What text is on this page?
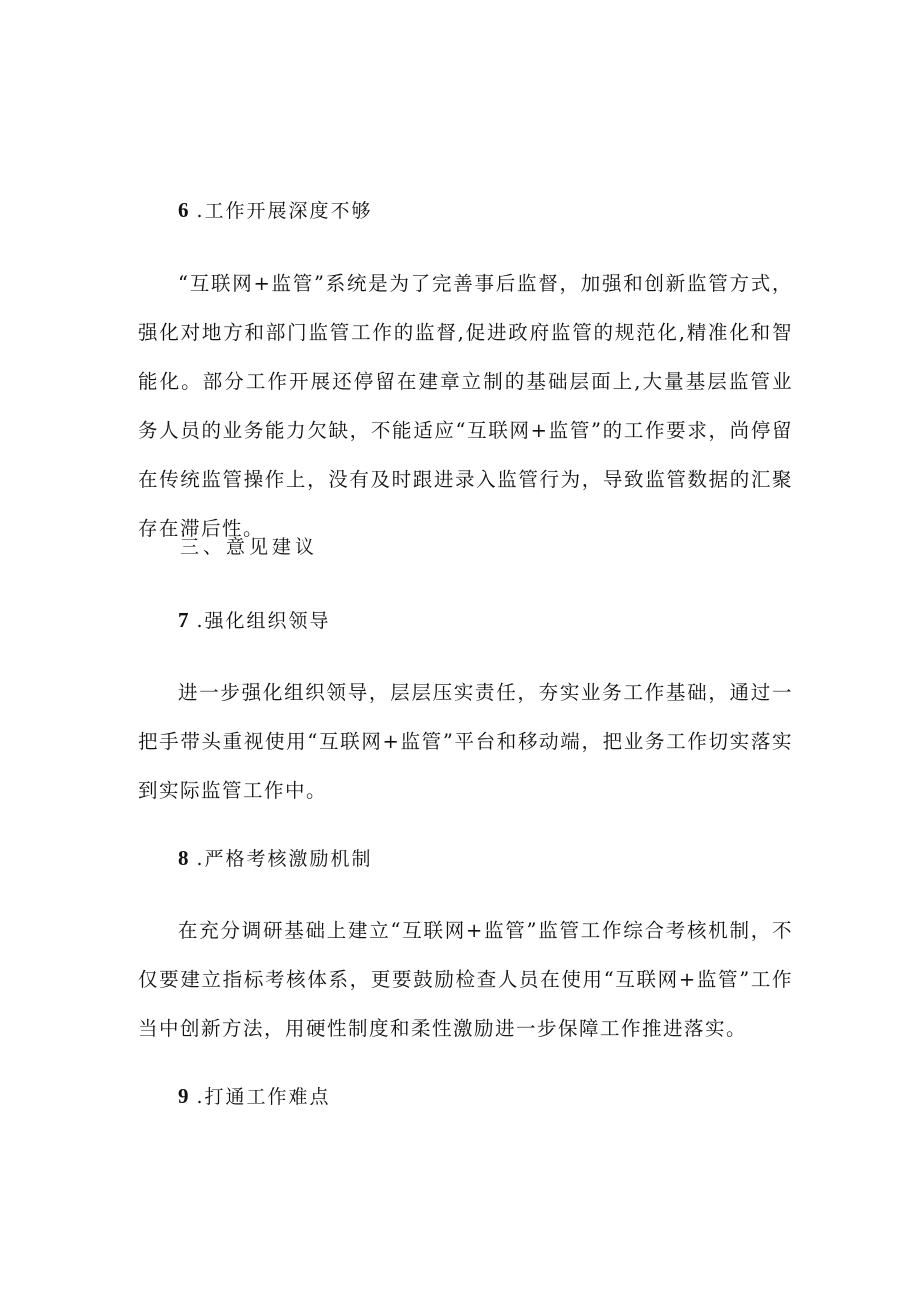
6 .工作开展深度不够
“互联网+监管”系统是为了完善事后监督，加强和创新监管方式，强化对地方和部门监管工作的监督,促进政府监管的规范化,精准化和智能化。部分工作开展还停留在建章立制的基础层面上,大量基层监管业务人员的业务能力欠缺，不能适应“互联网+监管”的工作要求，尚停留在传统监管操作上，没有及时跟进录入监管行为，导致监管数据的汇聚存在滞后性。
三、意见建议
7 .强化组织领导
进一步强化组织领导，层层压实责任，夯实业务工作基础，通过一把手带头重视使用“互联网+监管”平台和移动端，把业务工作切实落实到实际监管工作中。
8 .严格考核激励机制
在充分调研基础上建立“互联网+监管”监管工作综合考核机制，不仅要建立指标考核体系，更要鼓励检查人员在使用“互联网+监管”工作当中创新方法，用硬性制度和柔性激励进一步保障工作推进落实。
9 .打通工作难点
